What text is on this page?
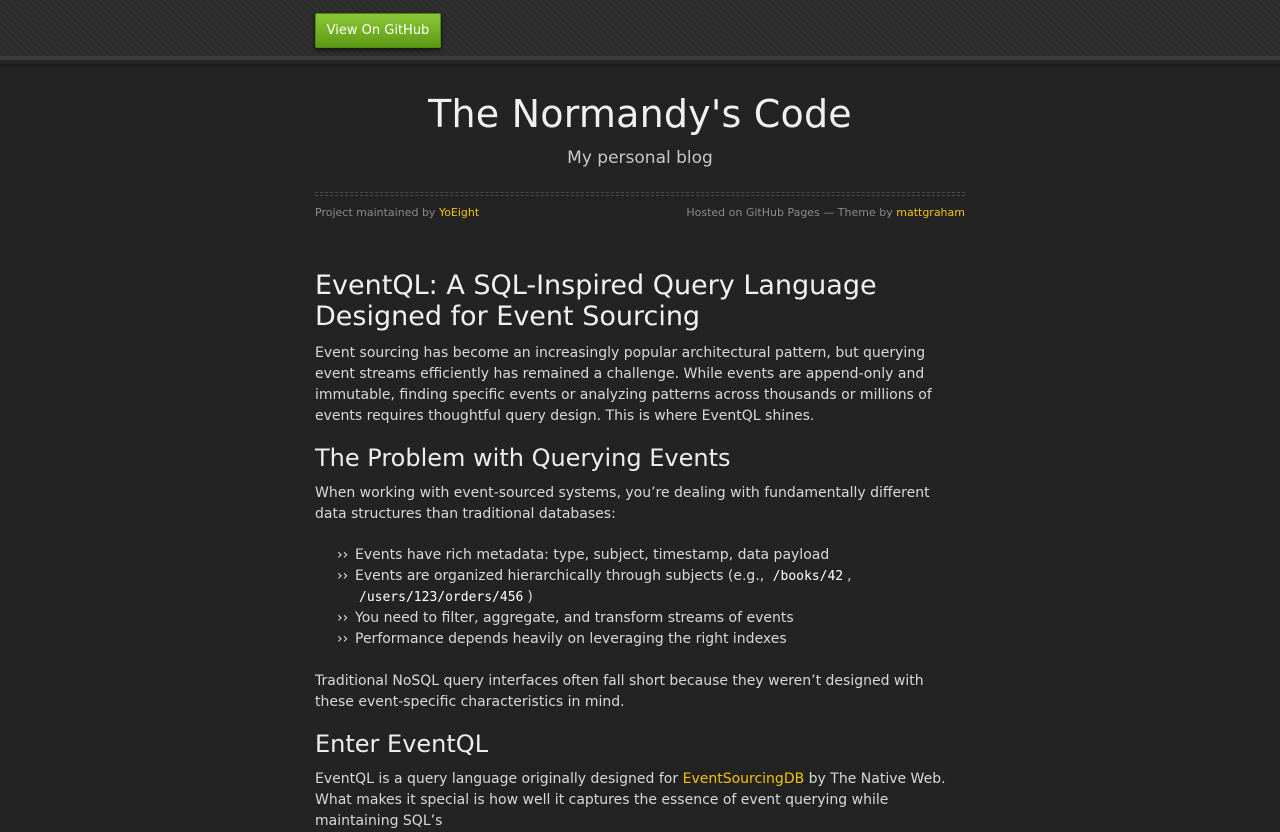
View On GitHub
The Normandy's Code
My personal blog
Project maintained by YoEight	Hosted on GitHub Pages — Theme by mattgraham
EventQL: A SQL-Inspired Query Language Designed for Event Sourcing

Event sourcing has become an increasingly popular architectural pattern, but querying event streams efficiently has remained a challenge. While events are append-only and immutable, finding specific events or analyzing patterns across thousands or millions of events requires thoughtful query design. This is where EventQL shines.

The Problem with Querying Events

When working with event-sourced systems, you’re dealing with fundamentally different data structures than traditional databases:

›› Events have rich metadata: type, subject, timestamp, data payload
›› Events are organized hierarchically through subjects (e.g., /books/42 , /users/123/orders/456 )
›› You need to filter, aggregate, and transform streams of events
›› Performance depends heavily on leveraging the right indexes

Traditional NoSQL query interfaces often fall short because they weren’t designed with these event-specific characteristics in mind.

Enter EventQL

EventQL is a query language originally designed for EventSourcingDB by The Native Web. What makes it special is how well it captures the essence of event querying while maintaining SQL’s
